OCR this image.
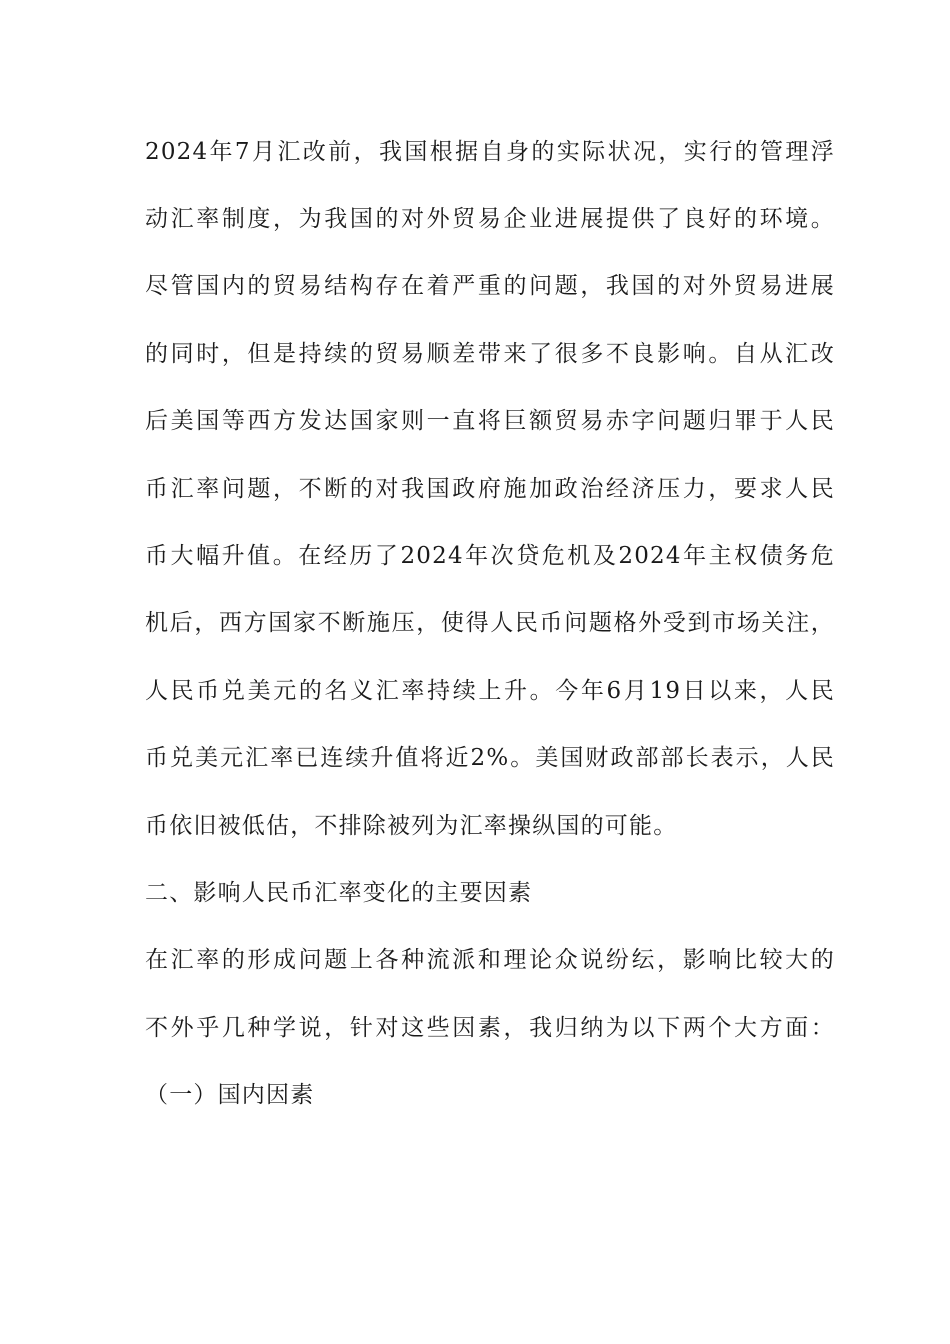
2024年7月汇改前，我国根据自身的实际状况，实行的管理浮
动汇率制度，为我国的对外贸易企业进展提供了良好的环境。
尽管国内的贸易结构存在着严重的问题，我国的对外贸易进展
的同时，但是持续的贸易顺差带来了很多不良影响。自从汇改
后美国等西方发达国家则一直将巨额贸易赤字问题归罪于人民
币汇率问题，不断的对我国政府施加政治经济压力，要求人民
币大幅升值。在经历了2024年次贷危机及2024年主权债务危
机后，西方国家不断施压，使得人民币问题格外受到市场关注，
人民币兑美元的名义汇率持续上升。今年6月19日以来，人民
币兑美元汇率已连续升值将近2%。美国财政部部长表示，人民
币依旧被低估，不排除被列为汇率操纵国的可能。
二、影响人民币汇率变化的主要因素
在汇率的形成问题上各种流派和理论众说纷纭，影响比较大的
不外乎几种学说，针对这些因素，我归纳为以下两个大方面：
（一）国内因素
